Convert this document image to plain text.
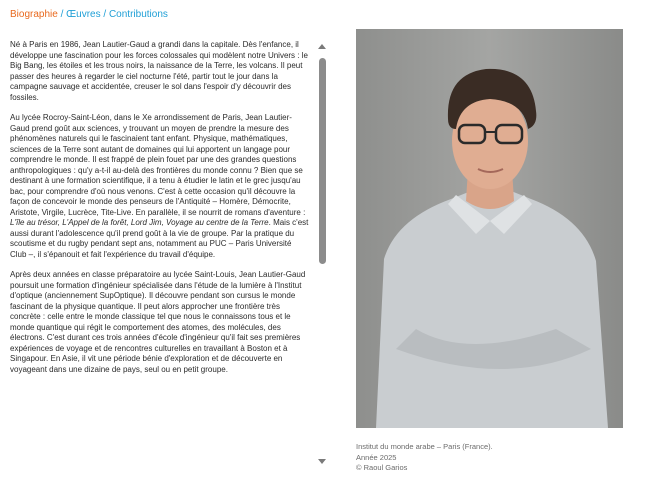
Biographie / Œuvres / Contributions

Né à Paris en 1986, Jean Lautier-Gaud a grandi dans la capitale. Dès l'enfance, il développe une fascination pour les forces colossales qui modèlent notre Univers : le Big Bang, les étoiles et les trous noirs, la naissance de la Terre, les volcans. Il peut passer des heures à regarder le ciel nocturne l'été, partir tout le jour dans la campagne sauvage et accidentée, creuser le sol dans l'espoir d'y découvrir des fossiles.

Au lycée Rocroy-Saint-Léon, dans le Xe arrondissement de Paris, Jean Lautier-Gaud prend goût aux sciences, y trouvant un moyen de prendre la mesure des phénomènes naturels qui le fascinaient tant enfant. Physique, mathématiques, sciences de la Terre sont autant de domaines qui lui apportent un langage pour comprendre le monde. Il est frappé de plein fouet par une des grandes questions anthropologiques : qu'y a-t-il au-delà des frontières du monde connu ? Bien que se destinant à une formation scientifique, il a tenu à étudier le latin et le grec jusqu'au bac, pour comprendre d'où nous venons. C'est à cette occasion qu'il découvre la façon de concevoir le monde des penseurs de l'Antiquité – Homère, Démocrite, Aristote, Virgile, Lucrèce, Tite-Live. En parallèle, il se nourrit de romans d'aventure : L'île au trésor, L'Appel de la forêt, Lord Jim, Voyage au centre de la Terre. Mais c'est aussi durant l'adolescence qu'il prend goût à la vie de groupe. Par la pratique du scoutisme et du rugby pendant sept ans, notamment au PUC – Paris Université Club –, il s'épanouit et fait l'expérience du travail d'équipe.

Après deux années en classe préparatoire au lycée Saint-Louis, Jean Lautier-Gaud poursuit une formation d'ingénieur spécialisée dans l'étude de la lumière à l'Institut d'optique (anciennement SupOptique). Il découvre pendant son cursus le monde fascinant de la physique quantique. Il peut alors approcher une frontière très concrète : celle entre le monde classique tel que nous le connaissons tous et le monde quantique qui régit le comportement des atomes, des molécules, des électrons. C'est durant ces trois années d'école d'ingénieur qu'il fait ses premières expériences de voyage et de rencontres culturelles en travaillant à Boston et à Singapour. En Asie, il vit une période bénie d'exploration et de découverte en voyageant dans une dizaine de pays, seul ou en petit groupe.

Institut du monde arabe – Paris (France).
Année 2025
© Raoul Garios
